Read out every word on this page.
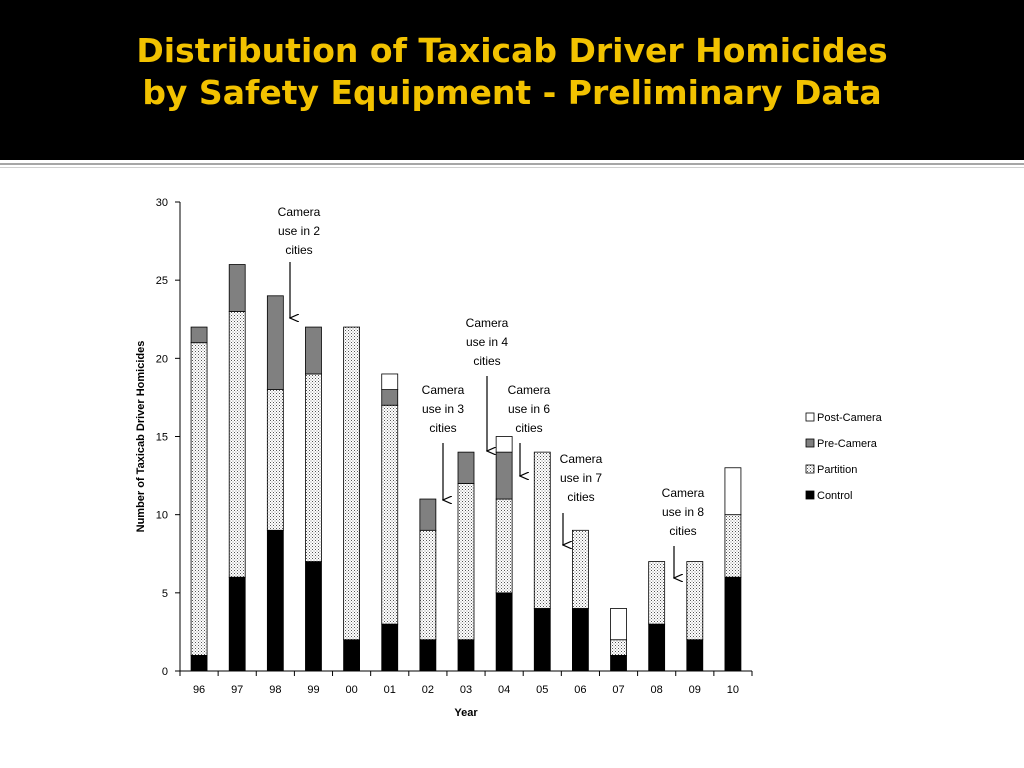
Distribution of Taxicab Driver Homicides
by Safety Equipment - Preliminary Data
0
5
10
15
20
25
30
96 97 98 99 00 01 02 03 04 05 06 07 08 09 10
Year
Number of Taxicab Driver Homicides
Camera
use in 2
cities
Camera
use in 3
cities
Camera
use in 4
cities
Camera
use in 6
cities
Camera
use in 7
cities	Camera
use in 8
cities
Post-Camera
Pre-Camera
Partition
Control
